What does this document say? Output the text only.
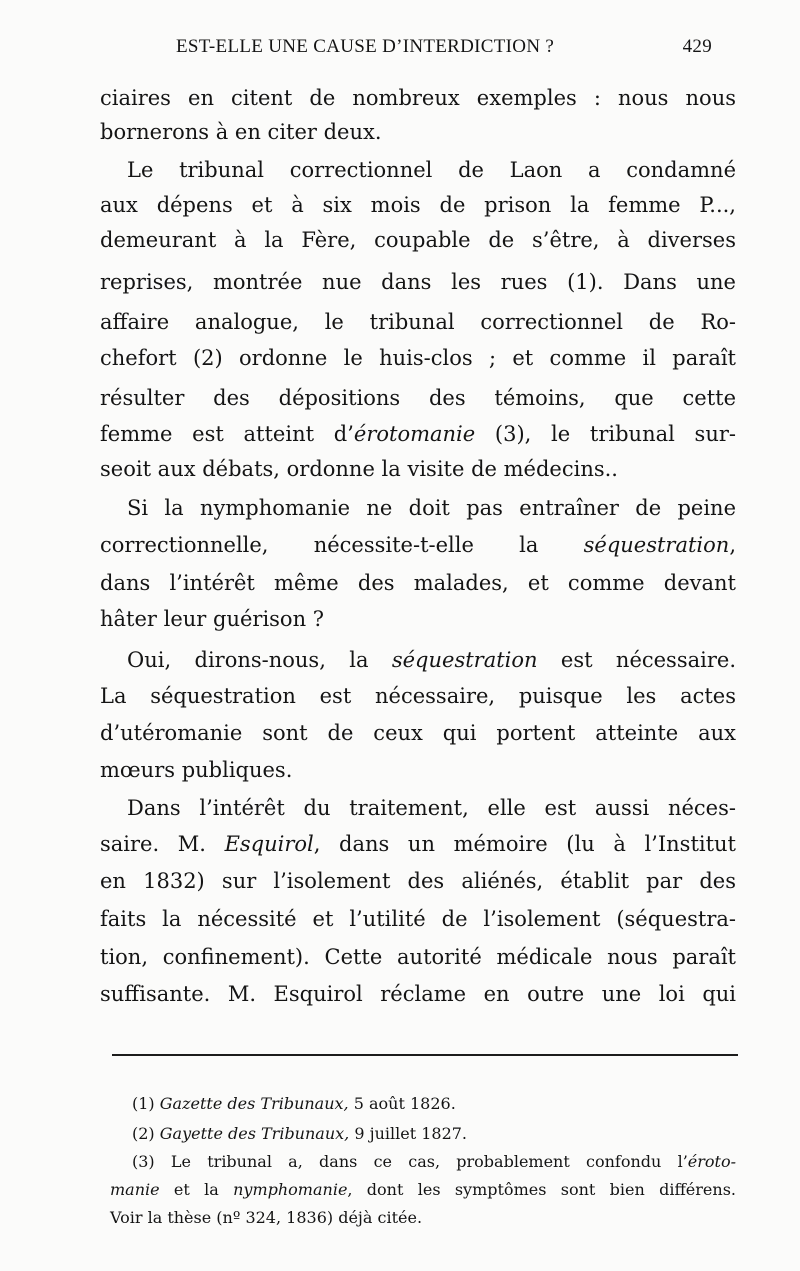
EST-ELLE UNE CAUSE D’INTERDICTION ?	429
ciaires en citent de nombreux exemples : nous nous
bornerons à en citer deux.
Le tribunal correctionnel de Laon a condamné
aux dépens et à six mois de prison la femme P...,
demeurant à la Fère, coupable de s’être, à diverses
reprises, montrée nue dans les rues (1). Dans une
affaire analogue, le tribunal correctionnel de Ro-
chefort (2) ordonne le huis-clos ; et comme il paraît
résulter des dépositions des témoins, que cette
femme est atteint d’érotomanie (3), le tribunal sur-
seoit aux débats, ordonne la visite de médecins..
Si la nymphomanie ne doit pas entraîner de peine
correctionnelle, nécessite-t-elle la séquestration,
dans l’intérêt même des malades, et comme devant
hâter leur guérison ?
Oui, dirons-nous, la séquestration est nécessaire.
La séquestration est nécessaire, puisque les actes
d’utéromanie sont de ceux qui portent atteinte aux
mœurs publiques.
Dans l’intérêt du traitement, elle est aussi néces-
saire. M. Esquirol, dans un mémoire (lu à l’Institut
en 1832) sur l’isolement des aliénés, établit par des
faits la nécessité et l’utilité de l’isolement (séquestra-
tion, confinement). Cette autorité médicale nous paraît
suffisante. M. Esquirol réclame en outre une loi qui
(1) Gazette des Tribunaux, 5 août 1826.
(2) Gayette des Tribunaux, 9 juillet 1827.
(3) Le tribunal a, dans ce cas, probablement confondu l’éroto-
manie et la nymphomanie, dont les symptômes sont bien différens.
Voir la thèse (nº 324, 1836) déjà citée.
